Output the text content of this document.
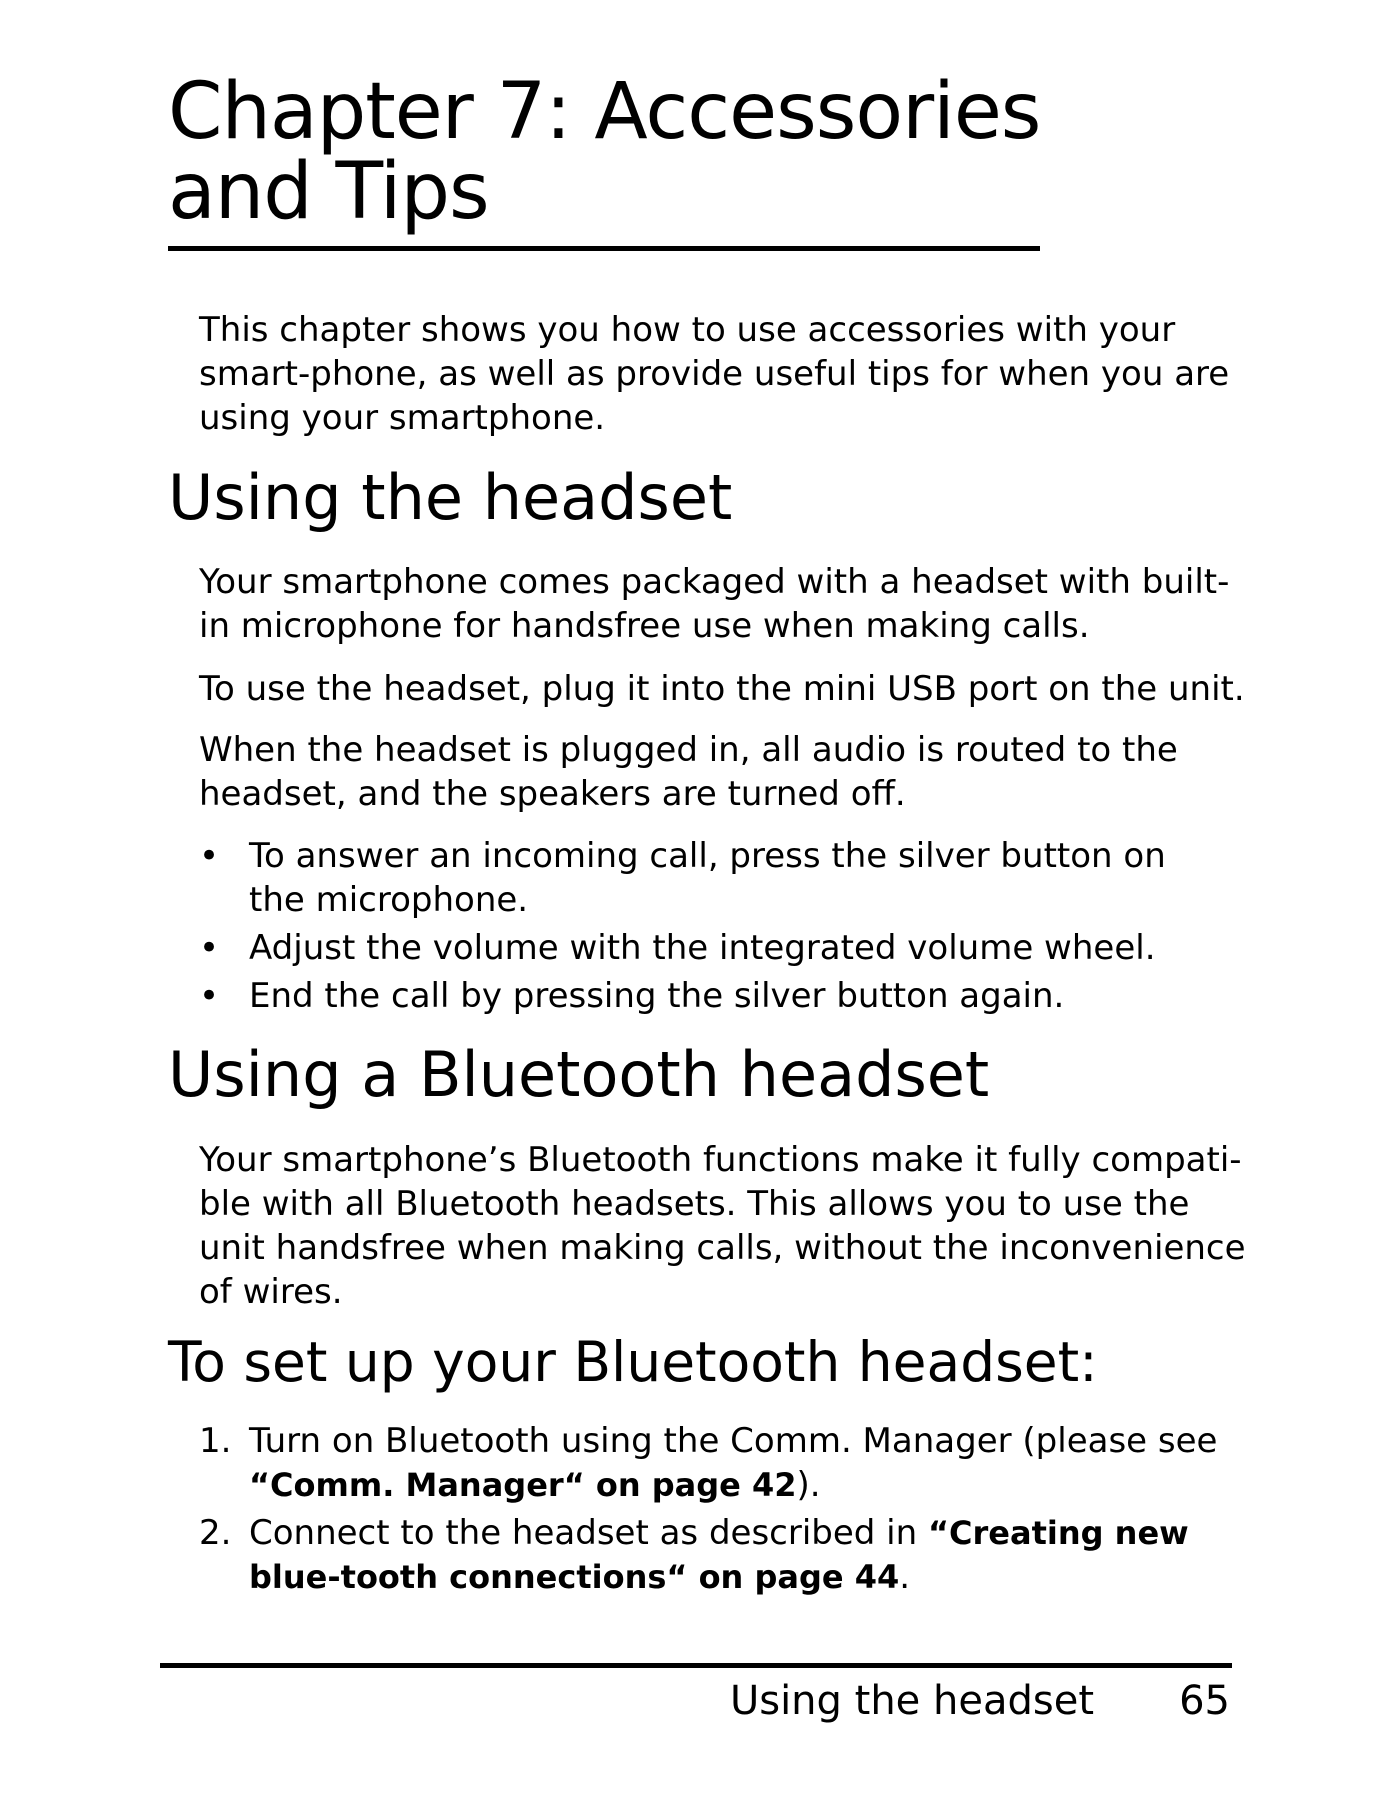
Chapter 7: Accessories
and Tips

This chapter shows you how to use accessories with your smart-phone, as well as provide useful tips for when you are using your smartphone.

Using the headset

Your smartphone comes packaged with a headset with built-in microphone for handsfree use when making calls.

To use the headset, plug it into the mini USB port on the unit.

When the headset is plugged in, all audio is routed to the headset, and the speakers are turned off.

• To answer an incoming call, press the silver button on the microphone.
• Adjust the volume with the integrated volume wheel.
• End the call by pressing the silver button again.
Using a Bluetooth headset

Your smartphone’s Bluetooth functions make it fully compati-ble with all Bluetooth headsets. This allows you to use the unit handsfree when making calls, without the inconvenience of wires.

To set up your Bluetooth headset:
1. Turn on Bluetooth using the Comm. Manager (please see “Comm. Manager“ on page 42).
2. Connect to the headset as described in “Creating new blue-tooth connections“ on page 44.
Using the headset 65
